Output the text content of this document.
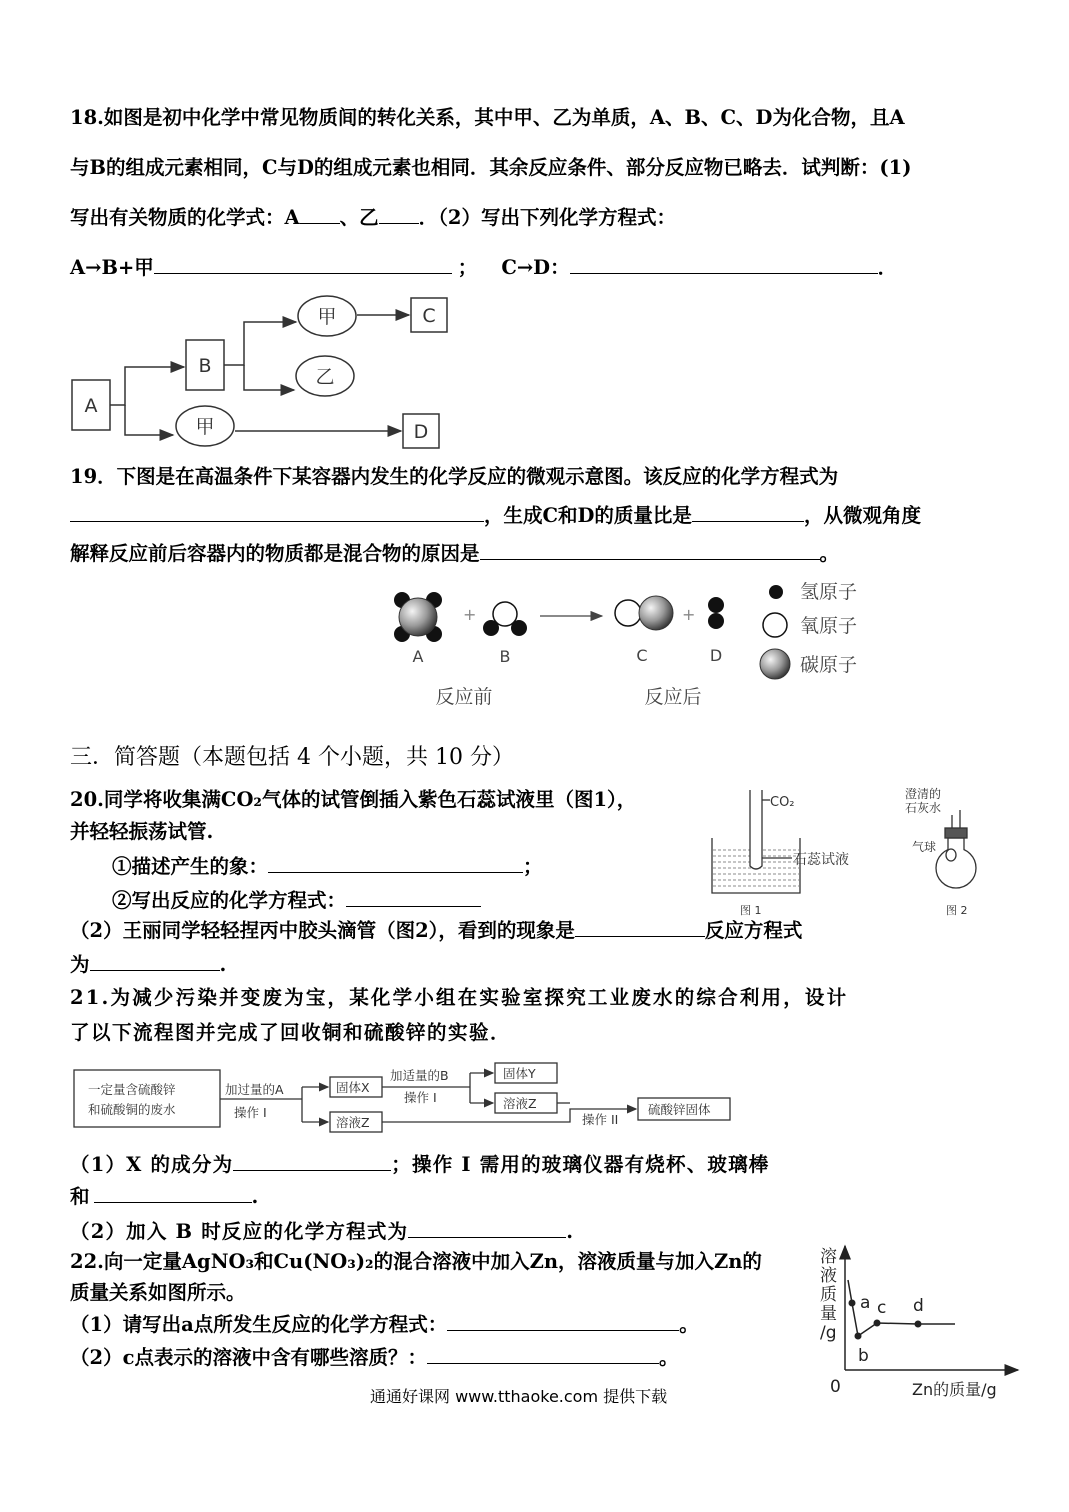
18.如图是初中化学中常见物质间的转化关系，其中甲、乙为单质，A、B、C、D为化合物，且A
与B的组成元素相同，C与D的组成元素也相同．其余反应条件、部分反应物已略去．试判断：(1)
写出有关物质的化学式：A 、乙 ．（2）写出下列化学方程式：
A→B+甲	； C→D：	．
A
B
C
D
甲
乙
甲
19．下图是在高温条件下某容器内发生的化学反应的微观示意图。该反应的化学方程式为
，生成C和D的质量比是	，从微观角度
解释反应前后容器内的物质都是混合物的原因是	。
+	+
A	B	C	D
反应前	反应后
氢原子
氧原子
碳原子
三．简答题（本题包括 4 个小题，共 10 分）
20.同学将收集满CO₂气体的试管倒插入紫色石蕊试液里（图1），
并轻轻振荡试管.
①描述产生的象：	；
②写出反应的化学方程式：
（2）王丽同学轻轻捏丙中胶头滴管（图2），看到的现象是	反应方程式
为	.
CO₂
石蕊试液
图 1
澄清的
石灰水
气球
图 2
21.为减少污染并变废为宝，某化学小组在实验室探究工业废水的综合利用，设计
了以下流程图并完成了回收铜和硫酸锌的实验．
一定量含硫酸锌
和硫酸铜的废水
加过量的A
操作 I
固体X
溶液Z
加适量的B
操作 I
固体Y
溶液Z
操作 II
硫酸锌固体
（1）X 的成分为	；操作 I 需用的玻璃仪器有烧杯、玻璃棒
和	.
（2）加入 B 时反应的化学方程式为	.
22.向一定量AgNO₃和Cu(NO₃)₂的混合溶液中加入Zn，溶液质量与加入Zn的
质量关系如图所示。
（1）请写出a点所发生反应的化学方程式：	。
（2）c点表示的溶液中含有哪些溶质？：	。
溶
液
质
量
/g
a
b
c d
0	Zn的质量/g
通通好课网 www.tthaoke.com 提供下载
